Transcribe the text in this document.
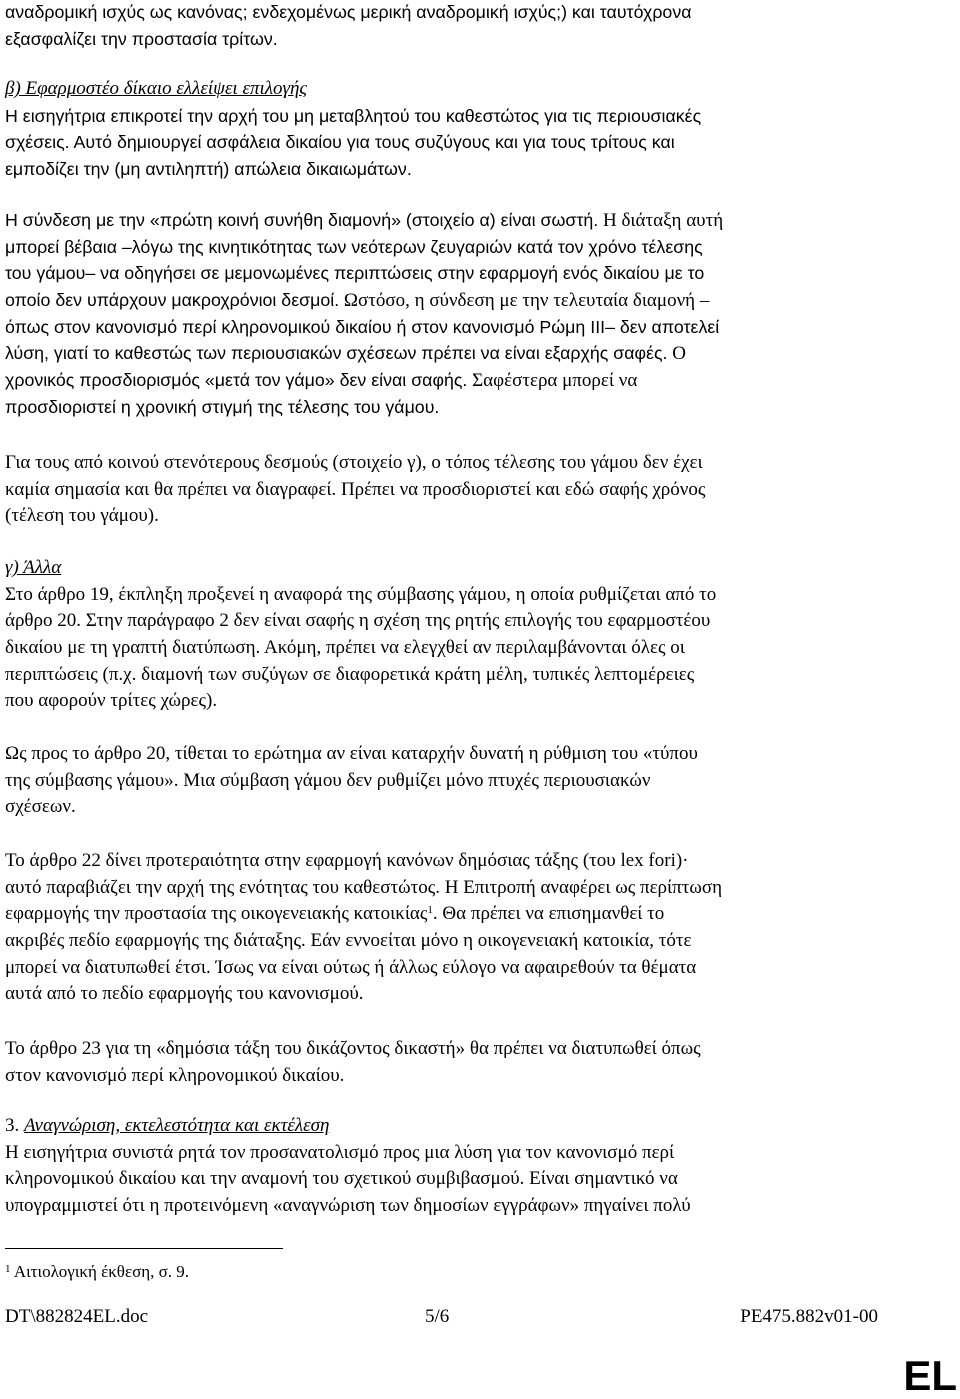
αναδρομική ισχύς ως κανόνας; ενδεχομένως μερική αναδρομική ισχύς;) και ταυτόχρονα
εξασφαλίζει την προστασία τρίτων.
β) Εφαρμοστέο δίκαιο ελλείψει επιλογής
Η εισηγήτρια επικροτεί την αρχή του μη μεταβλητού του καθεστώτος για τις περιουσιακές
σχέσεις. Αυτό δημιουργεί ασφάλεια δικαίου για τους συζύγους και για τους τρίτους και
εμποδίζει την (μη αντιληπτή) απώλεια δικαιωμάτων.
Η σύνδεση με την «πρώτη κοινή συνήθη διαμονή» (στοιχείο α) είναι σωστή. Η διάταξη αυτή
μπορεί βέβαια –λόγω της κινητικότητας των νεότερων ζευγαριών κατά τον χρόνο τέλεσης
του γάμου– να οδηγήσει σε μεμονωμένες περιπτώσεις στην εφαρμογή ενός δικαίου με το
οποίο δεν υπάρχουν μακροχρόνιοι δεσμοί. Ωστόσο, η σύνδεση με την τελευταία διαμονή –
όπως στον κανονισμό περί κληρονομικού δικαίου ή στον κανονισμό Ρώμη ΙΙΙ– δεν αποτελεί
λύση, γιατί το καθεστώς των περιουσιακών σχέσεων πρέπει να είναι εξαρχής σαφές. Ο
χρονικός προσδιορισμός «μετά τον γάμο» δεν είναι σαφής. Σαφέστερα μπορεί να
προσδιοριστεί η χρονική στιγμή της τέλεσης του γάμου.
Για τους από κοινού στενότερους δεσμούς (στοιχείο γ), ο τόπος τέλεσης του γάμου δεν έχει
καμία σημασία και θα πρέπει να διαγραφεί. Πρέπει να προσδιοριστεί και εδώ σαφής χρόνος
(τέλεση του γάμου).
γ) Άλλα
Στο άρθρο 19, έκπληξη προξενεί η αναφορά της σύμβασης γάμου, η οποία ρυθμίζεται από το
άρθρο 20. Στην παράγραφο 2 δεν είναι σαφής η σχέση της ρητής επιλογής του εφαρμοστέου
δικαίου με τη γραπτή διατύπωση. Ακόμη, πρέπει να ελεγχθεί αν περιλαμβάνονται όλες οι
περιπτώσεις (π.χ. διαμονή των συζύγων σε διαφορετικά κράτη μέλη, τυπικές λεπτομέρειες
που αφορούν τρίτες χώρες).
Ως προς το άρθρο 20, τίθεται το ερώτημα αν είναι καταρχήν δυνατή η ρύθμιση του «τύπου
της σύμβασης γάμου». Μια σύμβαση γάμου δεν ρυθμίζει μόνο πτυχές περιουσιακών
σχέσεων.
Το άρθρο 22 δίνει προτεραιότητα στην εφαρμογή κανόνων δημόσιας τάξης (του lex fori)·
αυτό παραβιάζει την αρχή της ενότητας του καθεστώτος. Η Επιτροπή αναφέρει ως περίπτωση
εφαρμογής την προστασία της οικογενειακής κατοικίας$^1$. Θα πρέπει να επισημανθεί το
ακριβές πεδίο εφαρμογής της διάταξης. Εάν εννοείται μόνο η οικογενειακή κατοικία, τότε
μπορεί να διατυπωθεί έτσι. Ίσως να είναι ούτως ή άλλως εύλογο να αφαιρεθούν τα θέματα
αυτά από το πεδίο εφαρμογής του κανονισμού.
Το άρθρο 23 για τη «δημόσια τάξη του δικάζοντος δικαστή» θα πρέπει να διατυπωθεί όπως
στον κανονισμό περί κληρονομικού δικαίου.
3. Αναγνώριση, εκτελεστότητα και εκτέλεση
Η εισηγήτρια συνιστά ρητά τον προσανατολισμό προς μια λύση για τον κανονισμό περί
κληρονομικού δικαίου και την αναμονή του σχετικού συμβιβασμού. Είναι σημαντικό να
υπογραμμιστεί ότι η προτεινόμενη «αναγνώριση των δημοσίων εγγράφων» πηγαίνει πολύ
$^1$ Αιτιολογική έκθεση, σ. 9.
DT\882824EL.doc	5/6	PE475.882v01-00
EL
